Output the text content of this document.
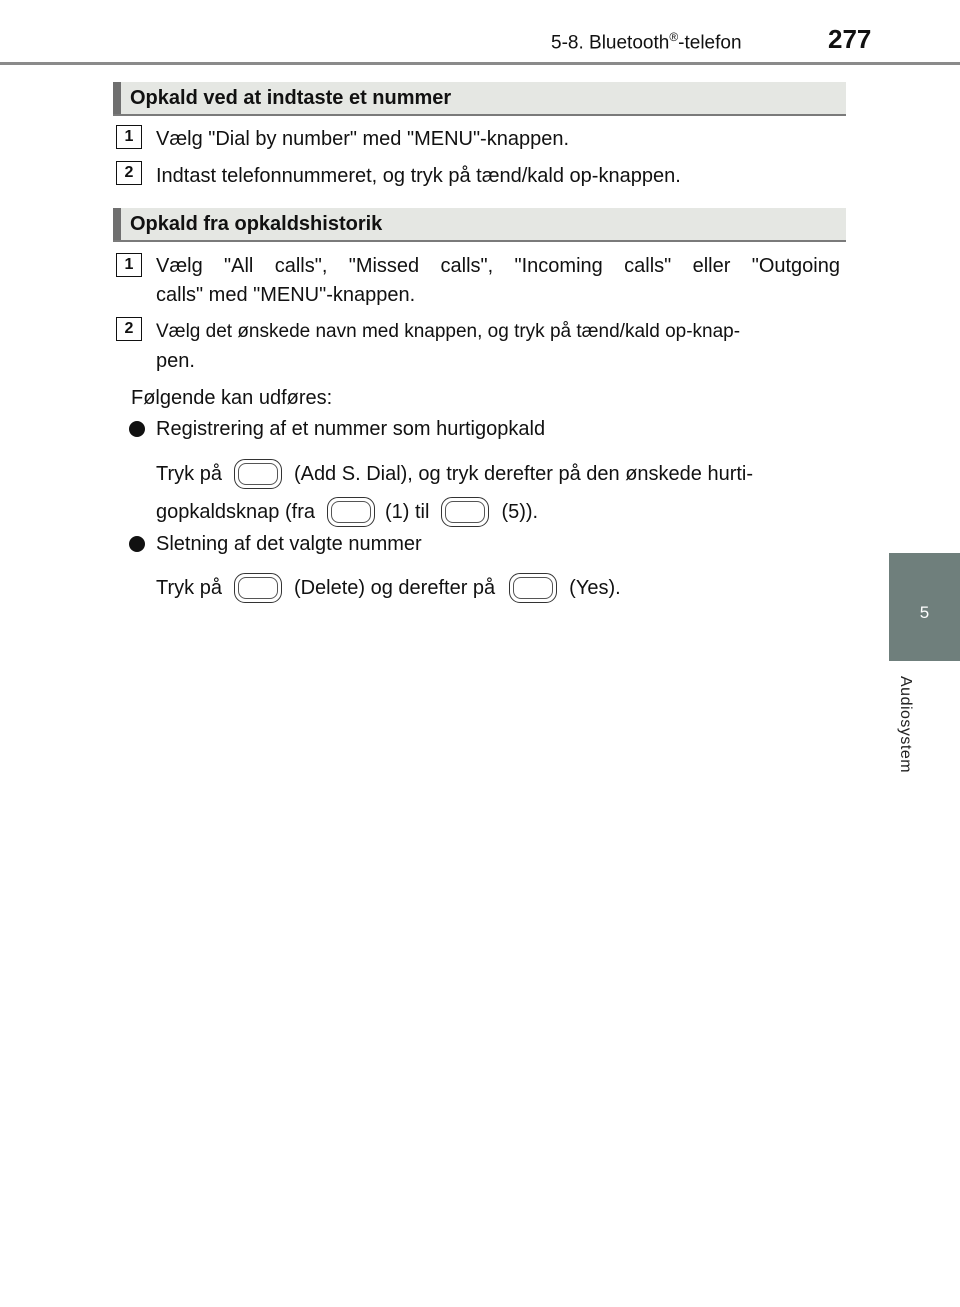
5-8. Bluetooth®-telefon	277
5
Audiosystem
Opkald ved at indtaste et nummer
1	Vælg "Dial by number" med "MENU"-knappen.
2	Indtast telefonnummeret, og tryk på tænd/kald op-knappen.
Opkald fra opkaldshistorik
1	Vælg "All calls", "Missed calls", "Incoming calls" eller "Outgoing
calls" med "MENU"-knappen.
2	Vælg det ønskede navn med knappen, og tryk på tænd/kald op-knap-
pen.
Følgende kan udføres:
Registrering af et nummer som hurtigopkald
Tryk på	(Add S. Dial), og tryk derefter på den ønskede hurti-
gopkaldsknap (fra	(1) til	(5)).
Sletning af det valgte nummer
Tryk på	(Delete) og derefter på	(Yes).
